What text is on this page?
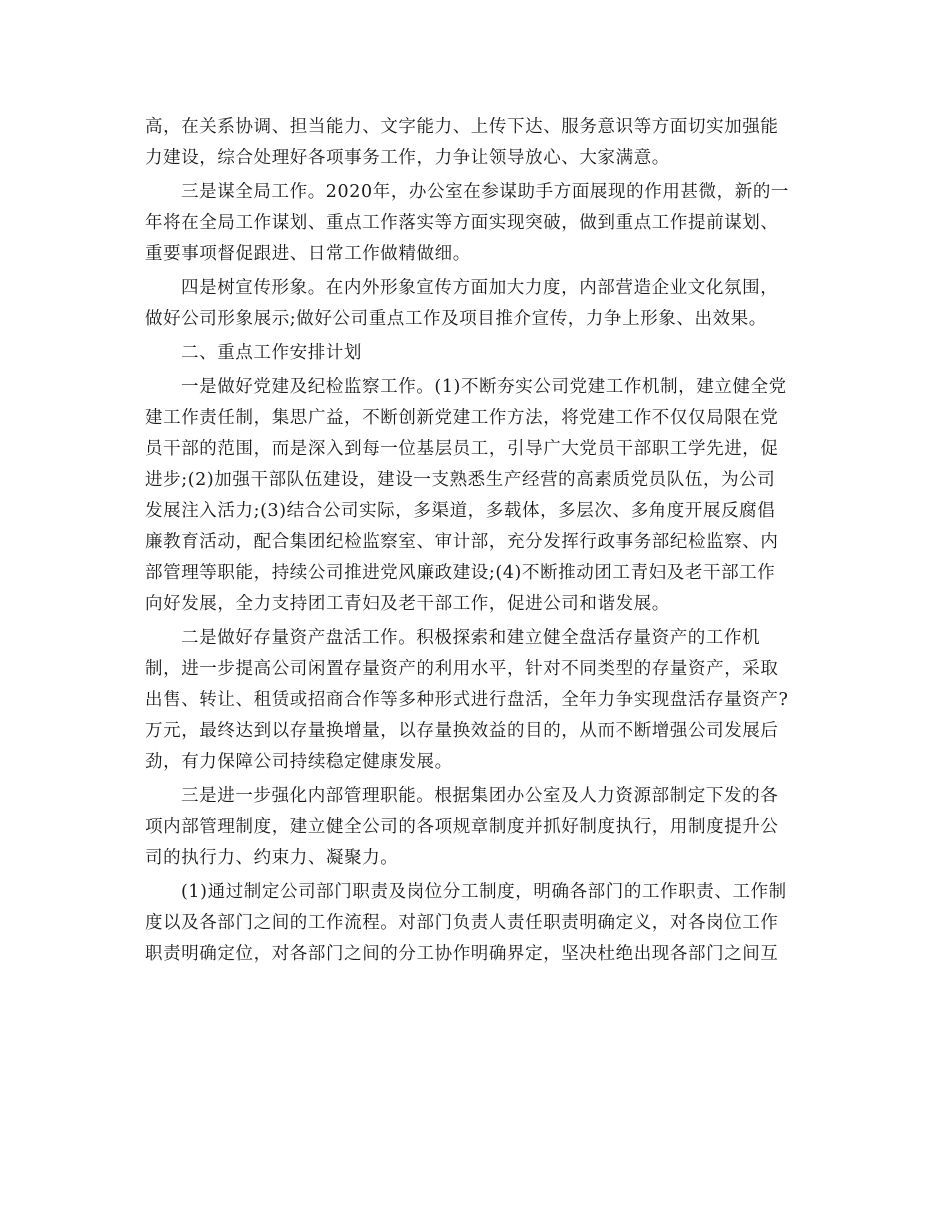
高，在关系协调、担当能力、文字能力、上传下达、服务意识等方面切实加强能
力建设，综合处理好各项事务工作，力争让领导放心、大家满意。
三是谋全局工作。2020年，办公室在参谋助手方面展现的作用甚微，新的一
年将在全局工作谋划、重点工作落实等方面实现突破，做到重点工作提前谋划、
重要事项督促跟进、日常工作做精做细。
四是树宣传形象。在内外形象宣传方面加大力度，内部营造企业文化氛围，
做好公司形象展示;做好公司重点工作及项目推介宣传，力争上形象、出效果。
二、重点工作安排计划
一是做好党建及纪检监察工作。(1)不断夯实公司党建工作机制，建立健全党
建工作责任制，集思广益，不断创新党建工作方法，将党建工作不仅仅局限在党
员干部的范围，而是深入到每一位基层员工，引导广大党员干部职工学先进，促
进步;(2)加强干部队伍建设，建设一支熟悉生产经营的高素质党员队伍，为公司
发展注入活力;(3)结合公司实际，多渠道，多载体，多层次、多角度开展反腐倡
廉教育活动，配合集团纪检监察室、审计部，充分发挥行政事务部纪检监察、内
部管理等职能，持续公司推进党风廉政建设;(4)不断推动团工青妇及老干部工作
向好发展，全力支持团工青妇及老干部工作，促进公司和谐发展。
二是做好存量资产盘活工作。积极探索和建立健全盘活存量资产的工作机
制，进一步提高公司闲置存量资产的利用水平，针对不同类型的存量资产，采取
出售、转让、租赁或招商合作等多种形式进行盘活，全年力争实现盘活存量资产?
万元，最终达到以存量换增量，以存量换效益的目的，从而不断增强公司发展后
劲，有力保障公司持续稳定健康发展。
三是进一步强化内部管理职能。根据集团办公室及人力资源部制定下发的各
项内部管理制度，建立健全公司的各项规章制度并抓好制度执行，用制度提升公
司的执行力、约束力、凝聚力。
(1)通过制定公司部门职责及岗位分工制度，明确各部门的工作职责、工作制
度以及各部门之间的工作流程。对部门负责人责任职责明确定义，对各岗位工作
职责明确定位，对各部门之间的分工协作明确界定，坚决杜绝出现各部门之间互
